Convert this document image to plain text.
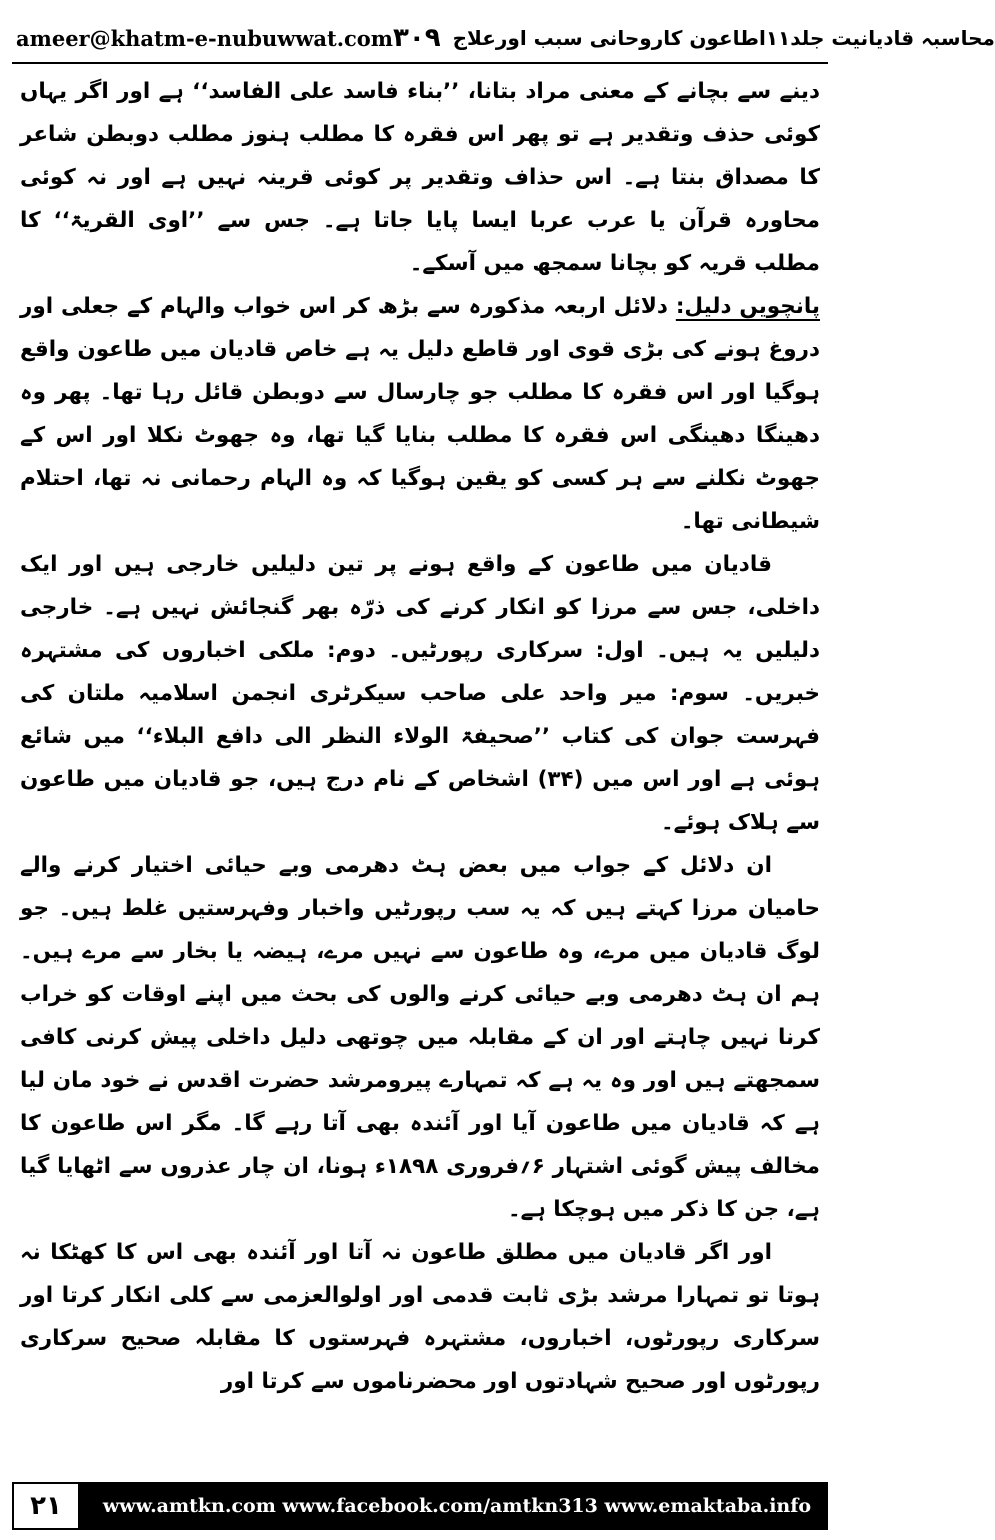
ameer@khatm-e-nubuwwat.com	محاسبہ قادیانیت جلد۱۱اطاعون کاروحانی سبب اورعلاج
۳۰۹

دینے سے بچانے کے معنی مراد بتانا، ’’بناء فاسد علی الفاسد‘‘ ہے اور اگر یہاں کوئی حذف وتقدیر ہے تو پھر اس فقرہ کا مطلب ہنوز مطلب دوبطن شاعر کا مصداق بنتا ہے۔ اس حذاف وتقدیر پر کوئی قرینہ نہیں ہے اور نہ کوئی محاورہ قرآن یا عرب عربا ایسا پایا جاتا ہے۔ جس سے ’’اوی القریۃ‘‘ کا مطلب قریہ کو بچانا سمجھ میں آسکے۔

پانچویں دلیل: دلائل اربعہ مذکورہ سے بڑھ کر اس خواب والہام کے جعلی اور دروغ ہونے کی بڑی قوی اور قاطع دلیل یہ ہے خاص قادیان میں طاعون واقع ہوگیا اور اس فقرہ کا مطلب جو چارسال سے دوبطن قائل رہا تھا۔ پھر وہ دھینگا دھینگی اس فقرہ کا مطلب بنایا گیا تھا، وہ جھوٹ نکلا اور اس کے جھوٹ نکلنے سے ہر کسی کو یقین ہوگیا کہ وہ الہام رحمانی نہ تھا، احتلام شیطانی تھا۔

قادیان میں طاعون کے واقع ہونے پر تین دلیلیں خارجی ہیں اور ایک داخلی، جس سے مرزا کو انکار کرنے کی ذرّہ بھر گنجائش نہیں ہے۔ خارجی دلیلیں یہ ہیں۔ اول: سرکاری رپورٹیں۔ دوم: ملکی اخباروں کی مشتہرہ خبریں۔ سوم: میر واحد علی صاحب سیکرٹری انجمن اسلامیہ ملتان کی فہرست جوان کی کتاب ’’صحیفۃ الولاء النظر الی دافع البلاء‘‘ میں شائع ہوئی ہے اور اس میں (۳۴) اشخاص کے نام درج ہیں، جو قادیان میں طاعون سے ہلاک ہوئے۔

ان دلائل کے جواب میں بعض ہٹ دھرمی وبے حیائی اختیار کرنے والے حامیان مرزا کہتے ہیں کہ یہ سب رپورٹیں واخبار وفہرستیں غلط ہیں۔ جو لوگ قادیان میں مرے، وہ طاعون سے نہیں مرے، ہیضہ یا بخار سے مرے ہیں۔ ہم ان ہٹ دھرمی وبے حیائی کرنے والوں کی بحث میں اپنے اوقات کو خراب کرنا نہیں چاہتے اور ان کے مقابلہ میں چوتھی دلیل داخلی پیش کرنی کافی سمجھتے ہیں اور وہ یہ ہے کہ تمہارے پیرومرشد حضرت اقدس نے خود مان لیا ہے کہ قادیان میں طاعون آیا اور آئندہ بھی آتا رہے گا۔ مگر اس طاعون کا مخالف پیش گوئی اشتہار ۶؍فروری ۱۸۹۸ء ہونا، ان چار عذروں سے اٹھایا گیا ہے، جن کا ذکر میں ہوچکا ہے۔

اور اگر قادیان میں مطلق طاعون نہ آتا اور آئندہ بھی اس کا کھٹکا نہ ہوتا تو تمہارا مرشد بڑی ثابت قدمی اور اولوالعزمی سے کلی انکار کرتا اور سرکاری رپورٹوں، اخباروں، مشتہرہ فہرستوں کا مقابلہ صحیح سرکاری رپورٹوں اور صحیح شہادتوں اور محضرناموں سے کرتا اور

۲۱	www.amtkn.com www.facebook.com/amtkn313 www.emaktaba.info
